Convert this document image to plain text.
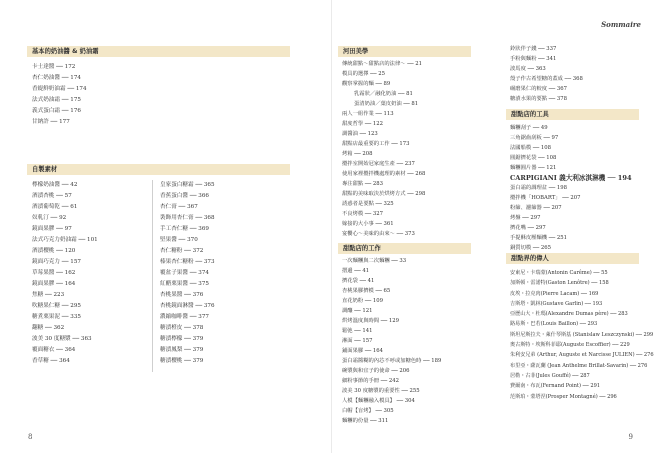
Sommaire
基本的奶油醬 & 奶油霜
卡士達醬 ── 172
杏仁奶油醬 ── 174
香緹鮮奶油霜 ── 174
法式奶油霜 ── 175
義式蛋白霜 ── 176
甘納許 ── 177
自製素材
檸檬奶油醬 ── 42
酒漬杏桃 ── 57
酒漬葡萄乾 ── 61
奴軋汀 ── 92
鏡面果膠 ── 97
法式巧克力奶油霜 ── 101
酒漬櫻桃 ── 120
鏡面巧克力 ── 157
草莓果醬 ── 162
鏡面果膠 ── 164
焦糖 ── 223
吹糖果仁糖 ── 295
糖煮栗果泥 ── 335
翻糖 ── 362
波美 30 度糖漿 ── 363
覆面糖衣 ── 364
香草糖 ── 364
皇家蛋白糖霜 ── 365
香蕉蛋白醬 ── 366
杏仁膏 ── 367
裝飾用杏仁膏 ── 368
手工杏仁糖 ── 369
堅果醬 ── 370
杏仁糖粉 ── 372
榛果杏仁糖粉 ── 373
覆盆子果醬 ── 374
紅醋栗果醬 ── 375
杏桃果醬 ── 376
杏桃鏡面淋醬 ── 376
濃縮咖啡醬 ── 377
糖漬橙皮 ── 378
糖漬檸檬 ── 379
糖漬鳳梨 ── 379
糖漬櫻桃 ── 379
河田美學
傳統甜點～甜點店的法律～ ── 21
模具的選擇 ── 25
觀察掌握的麵 ── 89
乳霜狀／融化奶油 ── 81
蛋清奶油／葉皮奶油 ── 81
兩人一組作業 ── 113
甜度哲學 ── 122
調醬油 ── 123
甜點店最重要的工作 ── 173
烤箱 ── 208
攪拌室開始冠家庭生產 ── 237
使用家裡攪拌機處理的素材 ── 268
專注甜點 ── 283
甜點的美味取決於烘烤方式 ── 298
誘惑者是要點 ── 325
不良烤模 ── 327
嫁接的大小事 ── 361
宴饗心～美味的由來～ ── 373
甜點店的工作
一次麵糰與二次麵糰 ── 33
摺邊 ── 41
擠花袋 ── 41
杏桃果膠擠模 ── 65
直花奶粉 ── 109
調釀 ── 121
烘烤溫度與時間 ── 129
鬆弛 ── 141
淋面 ── 157
鋪面果膠 ── 164
蛋白霜醬糊的內芯不呼或加糖色時 ── 189
碗漿與和宜子的使命 ── 206
細粉事節的手冊 ── 242
波美 30 度糖漿的重要性 ── 255
人模【麵糰融入模具】 ── 304
白帽【盲烤】 ── 305
麵糰的份量 ── 311
鈴狀伴子錢 ── 337
手粉與麵粉 ── 341
波馬度 ── 363
殼子作古希望糖的蓋成 ── 368
碾磨果仁的較度 ── 367
糖漬水果的要點 ── 378
甜點店的工具
麵糰刮子 ── 49
三角鋸齒刮板 ── 97
法國船模 ── 108
圓鋸擠花袋 ── 108
麵糰圓片器 ── 121
CARPIGIANI 義大利冰淇淋機 ── 194
蛋白霜的調理盆 ── 198
攪拌機「HOBART」 ── 207
粉篩、濾篩器 ── 207
烤盤 ── 297
擠花嘴 ── 297
手提酥皮壓麵機 ── 251
銅質切模 ── 265
甜點界的偉人
安東尼・卡瑞蒙(Antonin Carême) ── 55
加斯頓・雷諾特(Gaston Lenôtre) ── 158
皮埃・拉克肉(Pierre Lacam) ── 169
吉斯塔・凱林(Gustave Garlin) ── 193
亞歷山大・杜瑪(Alexandre Dumas père) ── 283
路易斯・巴若(Louis Baillon) ── 293
斯坦尼斯拉夫・萊什琴斯基 (Stanislaw Leszczynski) ── 299
奧古斯特・埃斯科菲耶(Auguste Escoffier) ── 229
朱利安兄弟 (Arthur, Auguste et Narcisse JULIEN) ── 276
布里亞・薩瓦蘭 (Jean Anthelme Brillat-Savarin) ── 276
居勒・古菲(Jules Gouffé) ── 287
費爾南・布瓦(Fernand Point) ── 291
范斯珀・蒙塔涅(Prosper Montagné) ── 296
8	9
